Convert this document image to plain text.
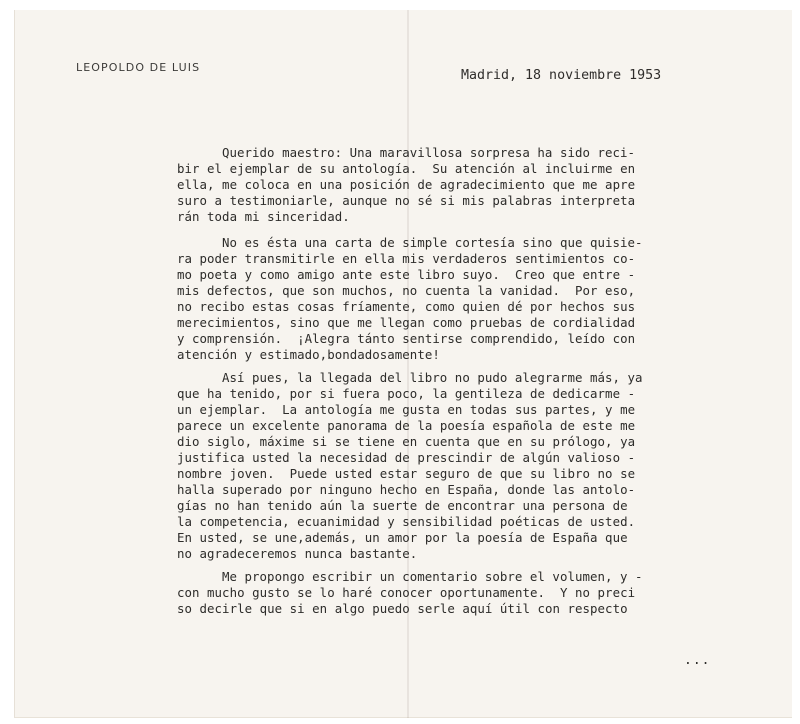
LEOPOLDO DE LUIS
Madrid, 18 noviembre 1953
Querido maestro: Una maravillosa sorpresa ha sido reci-
bir el ejemplar de su antología.  Su atención al incluirme en
ella, me coloca en una posición de agradecimiento que me apre
suro a testimoniarle, aunque no sé si mis palabras interpreta
rán toda mi sinceridad.
No es ésta una carta de simple cortesía sino que quisie-
ra poder transmitirle en ella mis verdaderos sentimientos co-
mo poeta y como amigo ante este libro suyo.  Creo que entre -
mis defectos, que son muchos, no cuenta la vanidad.  Por eso,
no recibo estas cosas fríamente, como quien dé por hechos sus
merecimientos, sino que me llegan como pruebas de cordialidad
y comprensión.  ¡Alegra tánto sentirse comprendido, leído con
atención y estimado,bondadosamente!
Así pues, la llegada del libro no pudo alegrarme más, ya
que ha tenido, por si fuera poco, la gentileza de dedicarme -
un ejemplar.  La antología me gusta en todas sus partes, y me
parece un excelente panorama de la poesía española de este me
dio siglo, máxime si se tiene en cuenta que en su prólogo, ya
justifica usted la necesidad de prescindir de algún valioso -
nombre joven.  Puede usted estar seguro de que su libro no se
halla superado por ninguno hecho en España, donde las antolo-
gías no han tenido aún la suerte de encontrar una persona de
la competencia, ecuanimidad y sensibilidad poéticas de usted.
En usted, se une,además, un amor por la poesía de España que
no agradeceremos nunca bastante.
Me propongo escribir un comentario sobre el volumen, y -
con mucho gusto se lo haré conocer oportunamente.  Y no preci
so decirle que si en algo puedo serle aquí útil con respecto
...
